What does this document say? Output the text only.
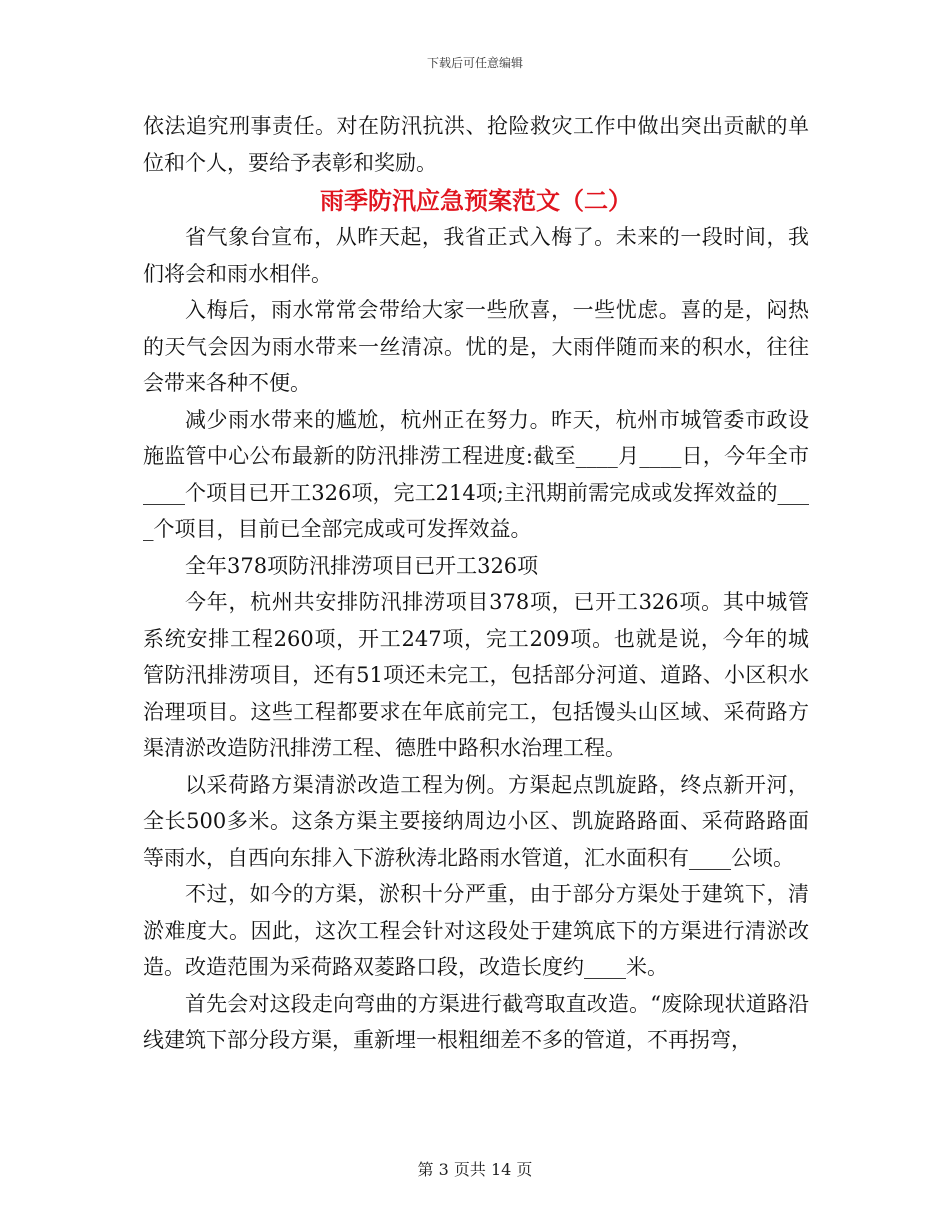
下载后可任意编辑

依法追究刑事责任。对在防汛抗洪、抢险救灾工作中做出突出贡献的单位和个人，要给予表彰和奖励。

雨季防汛应急预案范文（二）

省气象台宣布，从昨天起，我省正式入梅了。未来的一段时间，我们将会和雨水相伴。

入梅后，雨水常常会带给大家一些欣喜，一些忧虑。喜的是，闷热的天气会因为雨水带来一丝清凉。忧的是，大雨伴随而来的积水，往往会带来各种不便。

减少雨水带来的尴尬，杭州正在努力。昨天，杭州市城管委市政设施监管中心公布最新的防汛排涝工程进度:截至____月____日，今年全市____个项目已开工326项，完工214项;主汛期前需完成或发挥效益的____个项目，目前已全部完成或可发挥效益。

全年378项防汛排涝项目已开工326项

今年，杭州共安排防汛排涝项目378项，已开工326项。其中城管系统安排工程260项，开工247项，完工209项。也就是说，今年的城管防汛排涝项目，还有51项还未完工，包括部分河道、道路、小区积水治理项目。这些工程都要求在年底前完工，包括馒头山区域、采荷路方渠清淤改造防汛排涝工程、德胜中路积水治理工程。

以采荷路方渠清淤改造工程为例。方渠起点凯旋路，终点新开河，全长500多米。这条方渠主要接纳周边小区、凯旋路路面、采荷路路面等雨水，自西向东排入下游秋涛北路雨水管道，汇水面积有____公顷。

不过，如今的方渠，淤积十分严重，由于部分方渠处于建筑下，清淤难度大。因此，这次工程会针对这段处于建筑底下的方渠进行清淤改造。改造范围为采荷路双菱路口段，改造长度约____米。

首先会对这段走向弯曲的方渠进行截弯取直改造。“废除现状道路沿线建筑下部分段方渠，重新埋一根粗细差不多的管道，不再拐弯，

第 3 页共 14 页
